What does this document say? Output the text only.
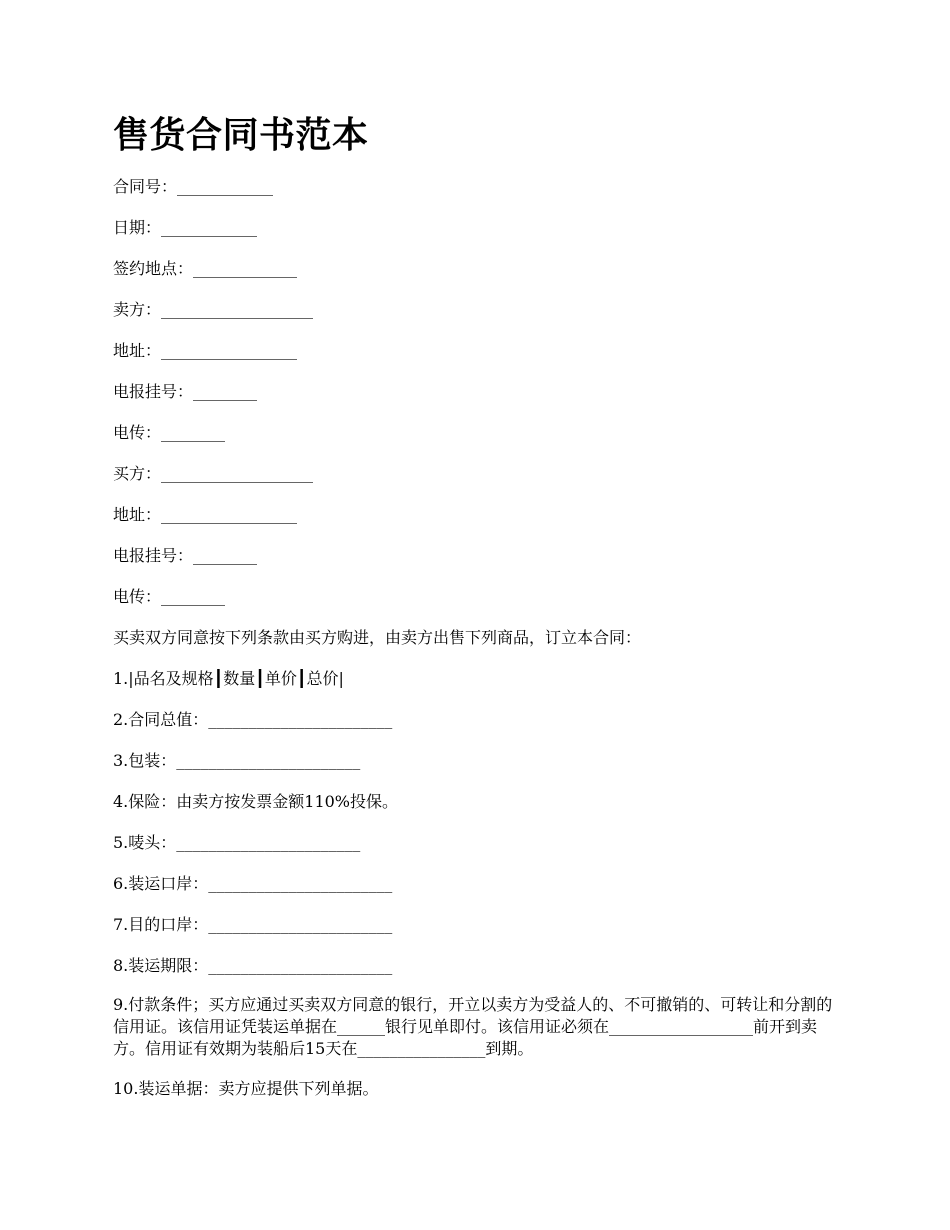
售货合同书范本
合同号：____________
日期：____________
签约地点：_____________
卖方：___________________
地址：_________________
电报挂号：________
电传：________
买方：___________________
地址：_________________
电报挂号：________
电传：________
买卖双方同意按下列条款由买方购进，由卖方出售下列商品，订立本合同：
1.|品名及规格┃数量┃单价┃总价|
2.合同总值：_______________________
3.包装：_______________________
4.保险：由卖方按发票金额110%投保。
5.唛头：_______________________
6.装运口岸：_______________________
7.目的口岸：_______________________
8.装运期限：_______________________
9.付款条件；买方应通过买卖双方同意的银行，开立以卖方为受益人的、不可撤销的、可转让和分割的信用证。该信用证凭装运单据在______银行见单即付。该信用证必须在__________________前开到卖方。信用证有效期为装船后15天在________________到期。
10.装运单据：卖方应提供下列单据。
